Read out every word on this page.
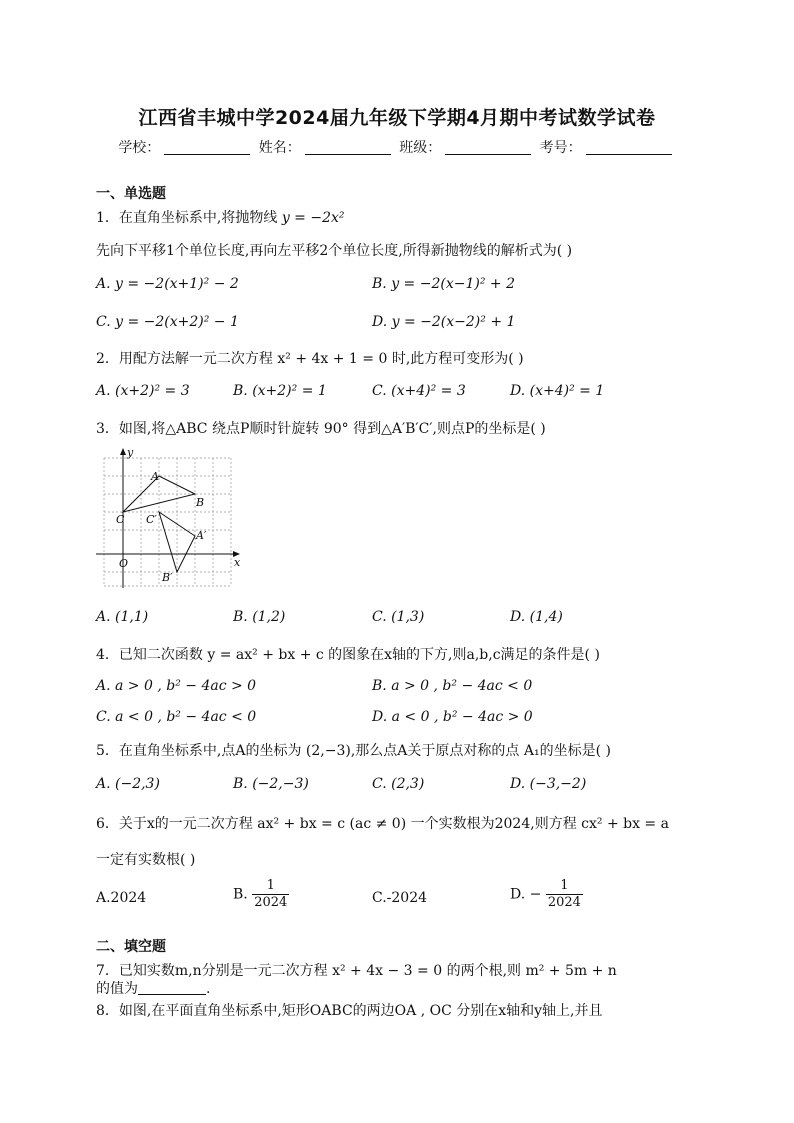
江西省丰城中学2024届九年级下学期4月期中考试数学试卷
学校：	姓名：	班级：	考号：
一、单选题
1．在直角坐标系中,将抛物线 y = −2x²
先向下平移1个单位长度,再向左平移2个单位长度,所得新抛物线的解析式为( )
A. y = −2(x+1)² − 2	B. y = −2(x−1)² + 2
C. y = −2(x+2)² − 1	D. y = −2(x−2)² + 1
2．用配方法解一元二次方程 x² + 4x + 1 = 0 时,此方程可变形为( )
A. (x+2)² = 3	B. (x+2)² = 1	C. (x+4)² = 3	D. (x+4)² = 1
3．如图,将△ABC 绕点P顺时针旋转 90° 得到△A′B′C′,则点P的坐标是( )
y
x
O
A
B
C
A′
B′
C′
A. (1,1)	B. (1,2)	C. (1,3)	D. (1,4)
4．已知二次函数 y = ax² + bx + c 的图象在x轴的下方,则a,b,c满足的条件是( )
A. a > 0 , b² − 4ac > 0	B. a > 0 , b² − 4ac < 0
C. a < 0 , b² − 4ac < 0	D. a < 0 , b² − 4ac > 0
5．在直角坐标系中,点A的坐标为 (2,−3),那么点A关于原点对称的点 A₁的坐标是( )
A. (−2,3)	B. (−2,−3)	C. (2,3)	D. (−3,−2)
6．关于x的一元二次方程 ax² + bx = c (ac ≠ 0) 一个实数根为2024,则方程 cx² + bx = a
一定有实数根( )
A.2024	B. $\frac{1}{2024}$	C.-2024	D. − $\frac{1}{2024}$
二、填空题
7．已知实数m,n分别是一元二次方程 x² + 4x − 3 = 0 的两个根,则 m² + 5m + n
的值为	.
8．如图,在平面直角坐标系中,矩形OABC的两边OA , OC 分别在x轴和y轴上,并且
